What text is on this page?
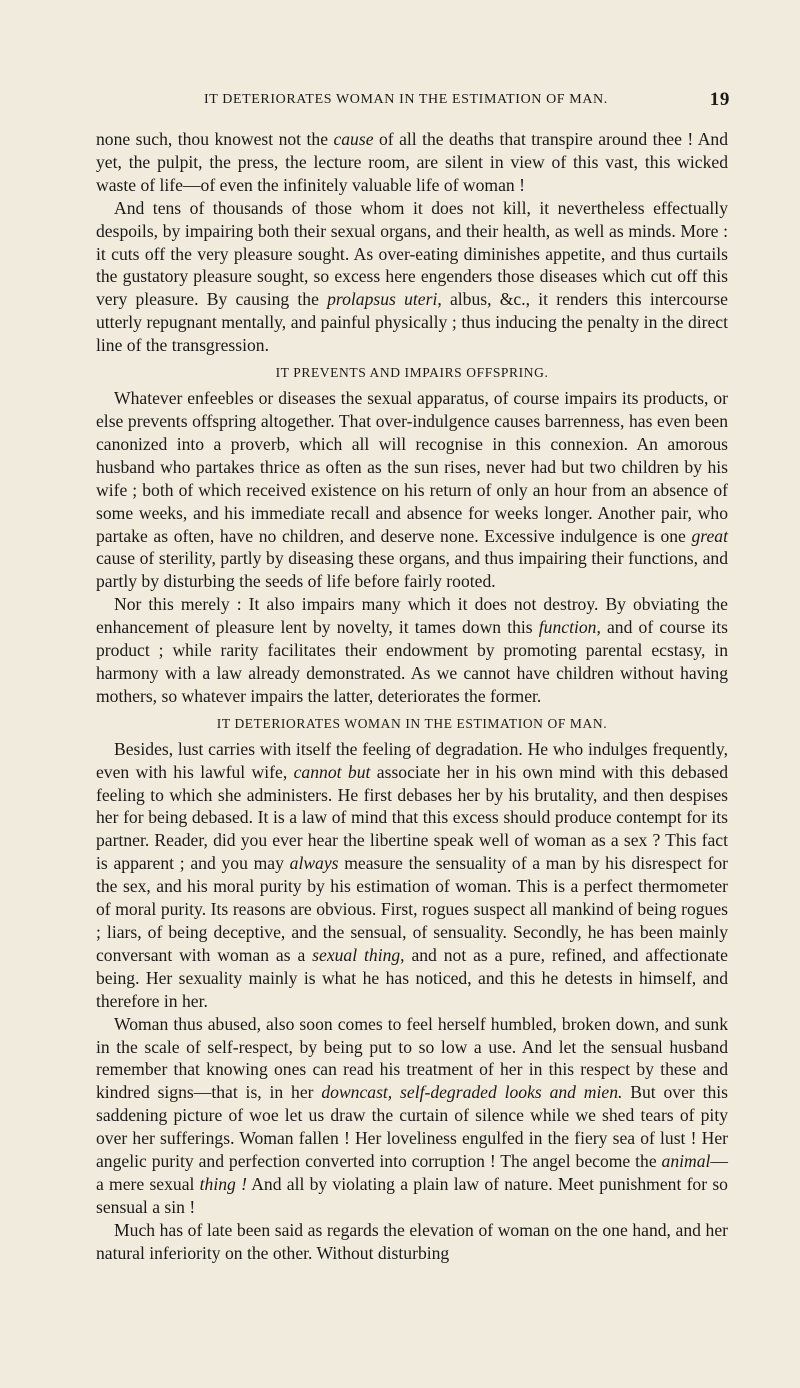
IT DETERIORATES WOMAN IN THE ESTIMATION OF MAN.	19

none such, thou knowest not the cause of all the deaths that transpire around thee ! And yet, the pulpit, the press, the lecture room, are silent in view of this vast, this wicked waste of life—of even the infinitely valuable life of woman !

And tens of thousands of those whom it does not kill, it nevertheless effectually despoils, by impairing both their sexual organs, and their health, as well as minds. More : it cuts off the very pleasure sought. As over-eating diminishes appetite, and thus curtails the gustatory pleasure sought, so excess here engenders those diseases which cut off this very pleasure. By causing the prolapsus uteri, albus, &c., it renders this intercourse utterly repugnant mentally, and painful physically ; thus inducing the penalty in the direct line of the transgression.

IT PREVENTS AND IMPAIRS OFFSPRING.

Whatever enfeebles or diseases the sexual apparatus, of course impairs its products, or else prevents offspring altogether. That over-indulgence causes barrenness, has even been canonized into a proverb, which all will recognise in this connexion. An amorous husband who partakes thrice as often as the sun rises, never had but two children by his wife ; both of which received existence on his return of only an hour from an absence of some weeks, and his immediate recall and absence for weeks longer. Another pair, who partake as often, have no children, and deserve none. Excessive indulgence is one great cause of sterility, partly by diseasing these organs, and thus impairing their functions, and partly by disturbing the seeds of life before fairly rooted.

Nor this merely : It also impairs many which it does not destroy. By obviating the enhancement of pleasure lent by novelty, it tames down this function, and of course its product ; while rarity facilitates their endowment by promoting parental ecstasy, in harmony with a law already demonstrated. As we cannot have children without having mothers, so whatever impairs the latter, deteriorates the former.

IT DETERIORATES WOMAN IN THE ESTIMATION OF MAN.

Besides, lust carries with itself the feeling of degradation. He who indulges frequently, even with his lawful wife, cannot but associate her in his own mind with this debased feeling to which she administers. He first debases her by his brutality, and then despises her for being debased. It is a law of mind that this excess should produce contempt for its partner. Reader, did you ever hear the libertine speak well of woman as a sex ? This fact is apparent ; and you may always measure the sensuality of a man by his disrespect for the sex, and his moral purity by his estimation of woman. This is a perfect thermometer of moral purity. Its reasons are obvious. First, rogues suspect all mankind of being rogues ; liars, of being deceptive, and the sensual, of sensuality. Secondly, he has been mainly conversant with woman as a sexual thing, and not as a pure, refined, and affectionate being. Her sexuality mainly is what he has noticed, and this he detests in himself, and therefore in her.

Woman thus abused, also soon comes to feel herself humbled, broken down, and sunk in the scale of self-respect, by being put to so low a use. And let the sensual husband remember that knowing ones can read his treatment of her in this respect by these and kindred signs—that is, in her downcast, self-degraded looks and mien. But over this saddening picture of woe let us draw the curtain of silence while we shed tears of pity over her sufferings. Woman fallen ! Her loveliness engulfed in the fiery sea of lust ! Her angelic purity and perfection converted into corruption ! The angel become the animal—a mere sexual thing ! And all by violating a plain law of nature. Meet punishment for so sensual a sin !

Much has of late been said as regards the elevation of woman on the one hand, and her natural inferiority on the other. Without disturbing
